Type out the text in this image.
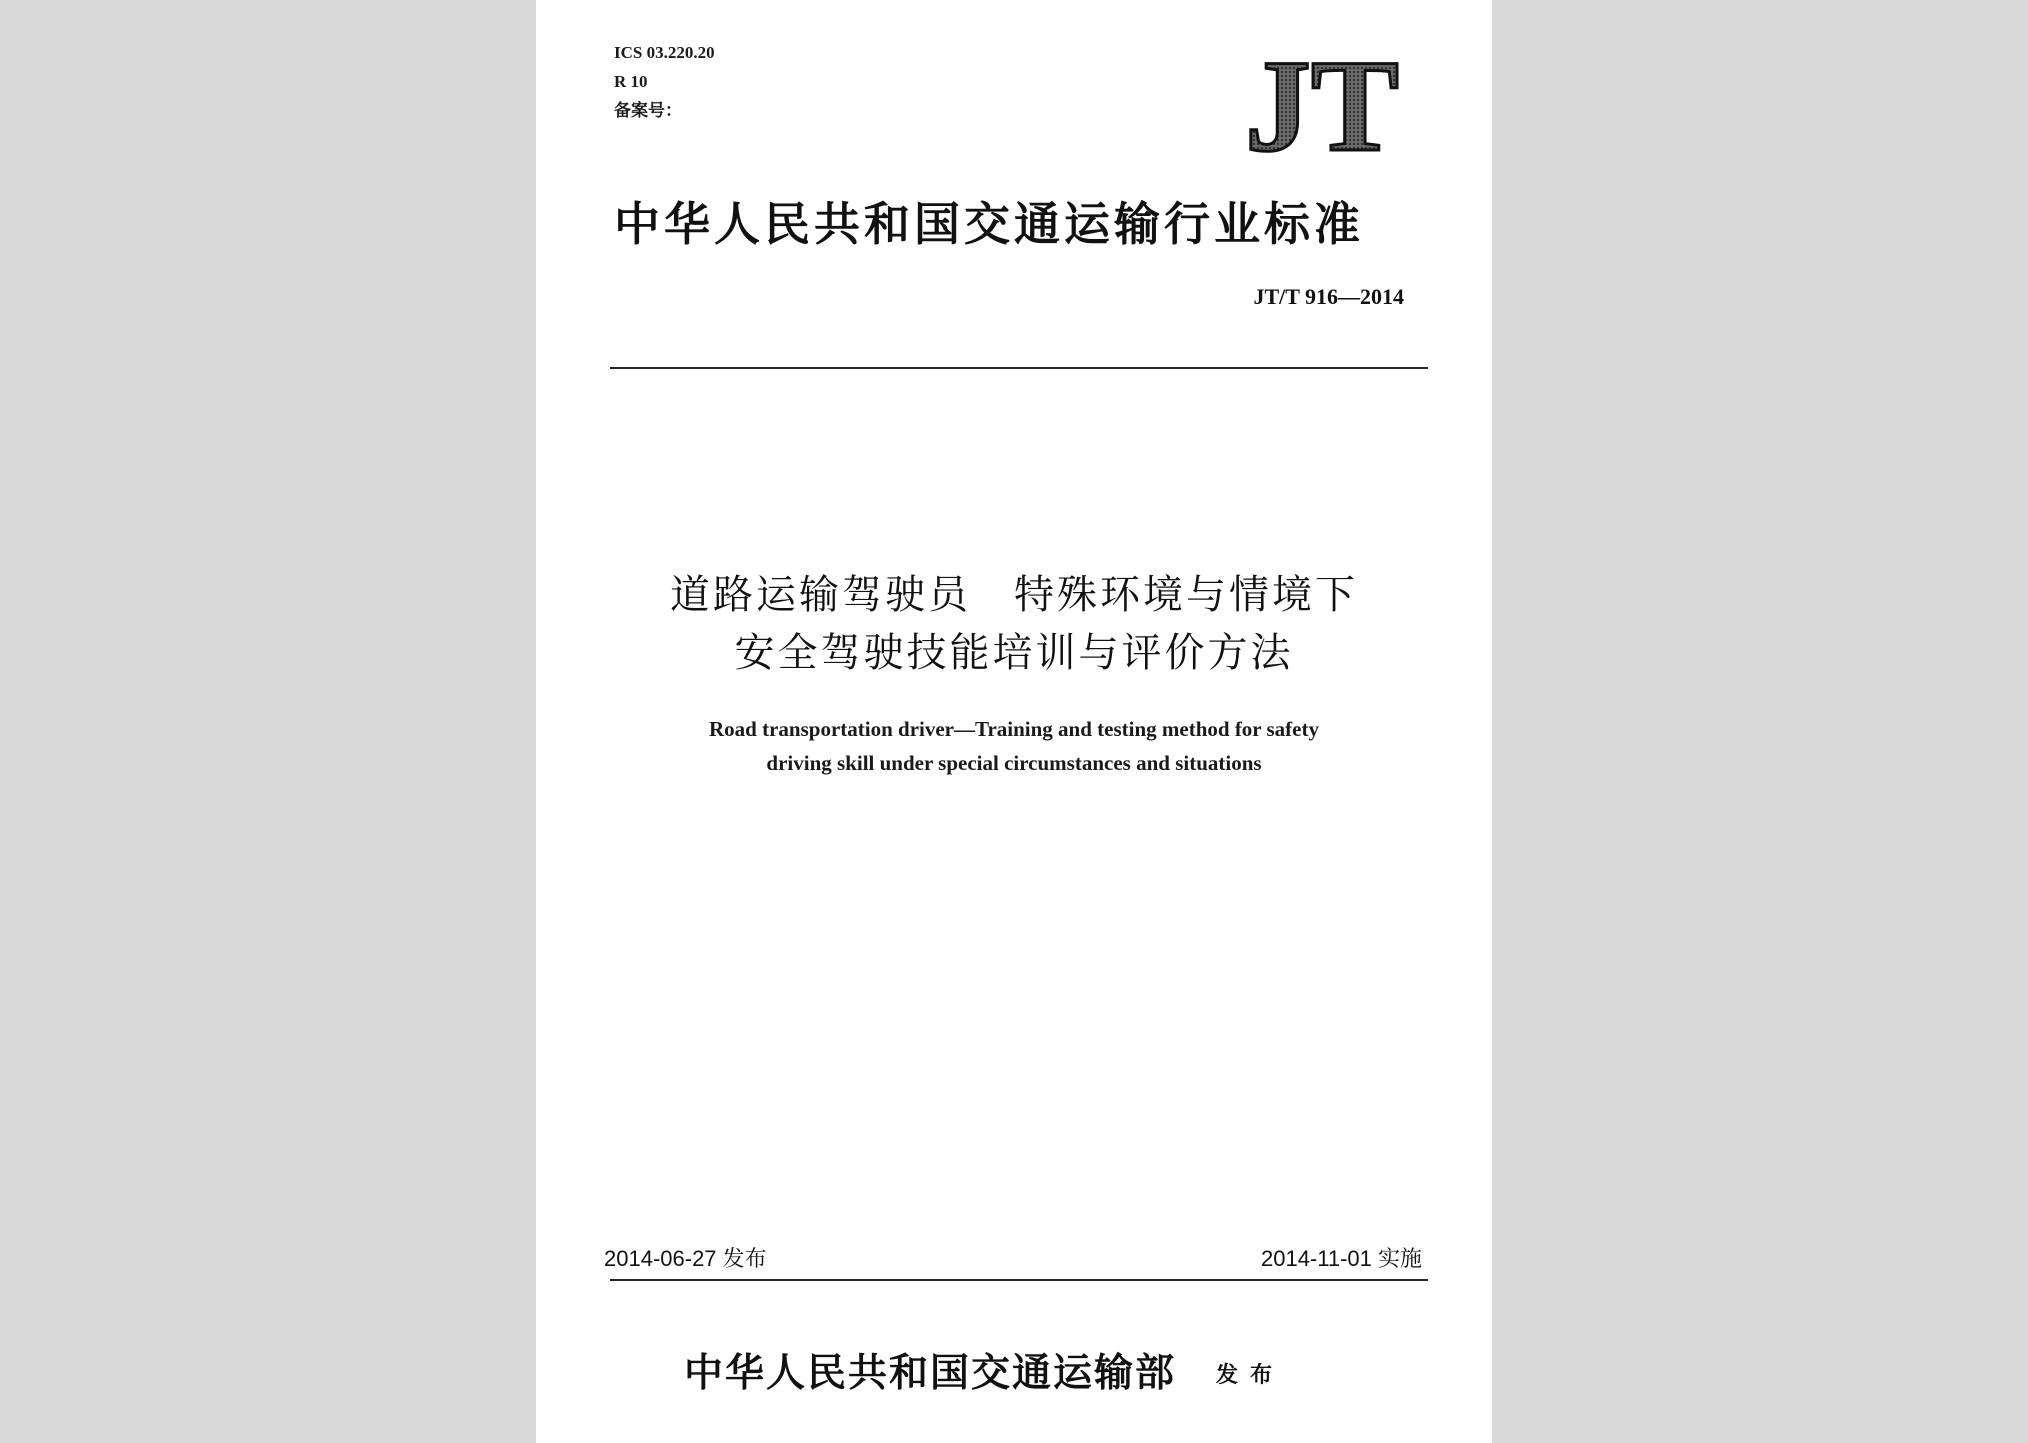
ICS 03.220.20
R 10
备案号：	JT
中华人民共和国交通运输行业标准
JT/T 916—2014
道路运输驾驶员　特殊环境与情境下
安全驾驶技能培训与评价方法
Road transportation driver—Training and testing method for safety
driving skill under special circumstances and situations
2014-06-27 发布	2014-11-01 实施
中华人民共和国交通运输部 发布
